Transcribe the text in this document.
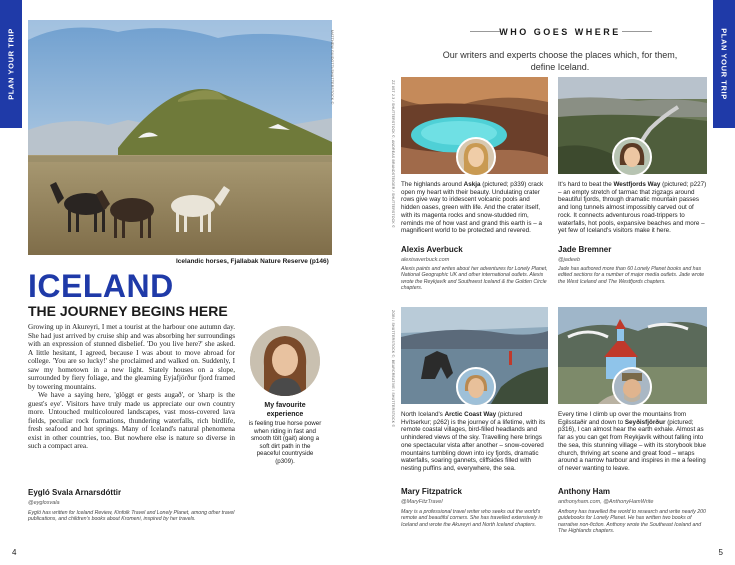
PLAN YOUR TRIP	PLAN YOUR TRIP
MATTHEW GUIDOTTI/SHUTTERSTOCK ©
Icelandic horses, Fjallabak Nature Reserve (p146)
ICELAND
THE JOURNEY BEGINS HERE

Growing up in Akureyri, I met a tourist at the harbour one autumn day. She had just arrived by cruise ship and was absorbing her surroundings with an expression of stunned disbelief. 'Do you live here?' she asked. A little hesitant, I agreed, because I was about to move abroad for college. 'You are so lucky!' she proclaimed and walked on. Suddenly, I saw my hometown in a new light. Stately houses on a slope, surrounded by fiery foliage, and the gleaming Eyjafjörður fjord framed by towering mountains.

We have a saying here, 'glöggt er gests augað', or 'sharp is the guest's eye'. Visitors have truly made us appreciate our own country more. Untouched multicoloured landscapes, vast moss-covered lava fields, peculiar rock formations, thundering waterfalls, rich birdlife, fresh seafood and hot springs. Many of Iceland's natural phenomena exist in other countries, too. But nowhere else is nature so diverse in such a compact area.

Eygló Svala Arnarsdóttir
@eyglosvala
Eygló has written for Iceland Review, Kinfolk Travel and Lonely Planet, among other travel publications, and children's books about Kromeni, inspired by her travels.
My favourite experience
is feeling true horse power when riding in fast and smooth tölt (gait) along a soft dirt path in the peaceful countryside (p309).
4
WHO GOES WHERE
Our writers and experts choose the places which, for them, define Iceland.
ZZ 8ST 2.3 / SHUTTERSTOCK ©, ANDREAS BRANDSTEIGER / SHUTTERSTOCK ©
ZOBI / SHUTTERSTOCK ©, BEARCREATIVE / SHUTTERSTOCK ©
The highlands around Askja (pictured; p339) crack open my heart with their beauty. Undulating crater rows give way to iridescent volcanic pools and hidden oases, green with life. And the crater itself, with its magenta rocks and snow-studded rim, reminds me of how vast and grand this earth is – a magnificent world to be protected and revered.
Alexis Averbuck
alexisaverbuck.com
Alexis paints and writes about her adventures for Lonely Planet, National Geographic UK and other international outlets. Alexis wrote the Reykjavík and Southwest Iceland & the Golden Circle chapters.
It's hard to beat the Westfjords Way (pictured; p227) – an empty stretch of tarmac that zigzags around beautiful fjords, through dramatic mountain passes and long tunnels almost impossibly carved out of rock. It connects adventurous road-trippers to waterfalls, hot pools, expansive beaches and more – yet few of Iceland's visitors make it here.
Jade Bremner
@jadeeb
Jade has authored more than 60 Lonely Planet books and has edited sections for a number of major media outlets. Jade wrote the West Iceland and The Westfjords chapters.
North Iceland's Arctic Coast Way (pictured Hvítserkur; p262) is the journey of a lifetime, with its remote coastal villages, bird-filled headlands and unhindered views of the sky. Travelling here brings one spectacular vista after another – snow-covered mountains tumbling down into icy fjords, dramatic waterfalls, soaring gannets, cliffsides filled with nesting puffins and, everywhere, the sea.
Mary Fitzpatrick
@MaryFitzTravel
Mary is a professional travel writer who seeks out the world's remote and beautiful corners. She has travelled extensively in Iceland and wrote the Akureyri and North Iceland chapters.
Every time I climb up over the mountains from Egilsstaðir and down to Seyðisfjörður (pictured; p316), I can almost hear the earth exhale. Almost as far as you can get from Reykjavík without falling into the sea, this stunning village – with its storybook blue church, thriving art scene and great food – wraps around a narrow harbour and inspires in me a feeling of never wanting to leave.
Anthony Ham
anthonyham.com, @AnthonyHamWrite
Anthony has travelled the world to research and write nearly 200 guidebooks for Lonely Planet. He has written two books of narrative non-fiction. Anthony wrote the Southeast Iceland and The Highlands chapters.
5
